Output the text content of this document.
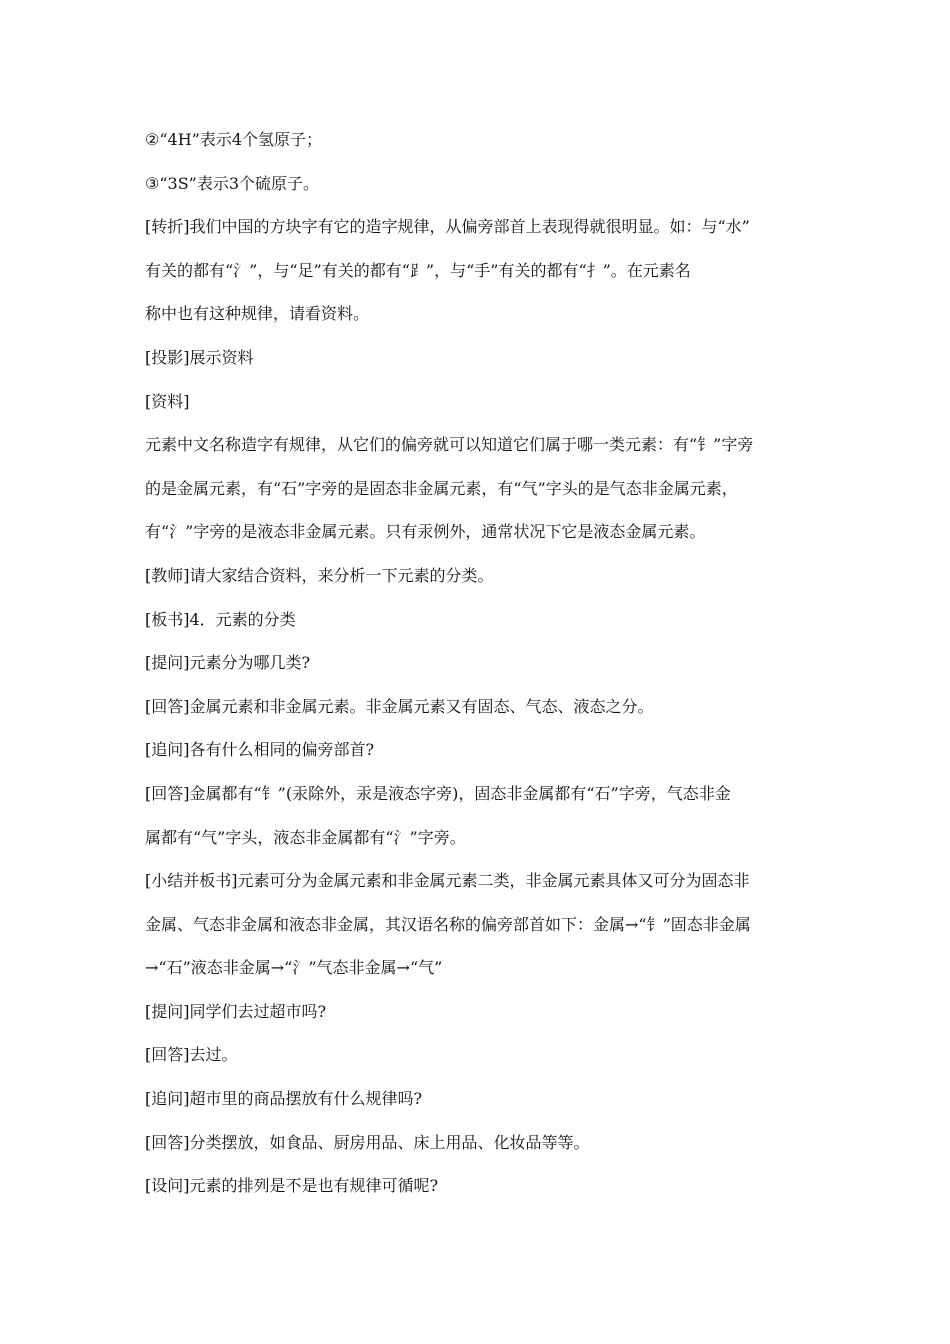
②“4H”表示4个氢原子；
③“3S”表示3个硫原子。
[转折]我们中国的方块字有它的造字规律，从偏旁部首上表现得就很明显。如：与“水”
有关的都有“氵”，与“足”有关的都有“⻊”，与“手”有关的都有“扌”。在元素名
称中也有这种规律，请看资料。
[投影]展示资料
[资料]
元素中文名称造字有规律，从它们的偏旁就可以知道它们属于哪一类元素：有“钅”字旁
的是金属元素，有“石”字旁的是固态非金属元素，有“气”字头的是气态非金属元素，
有“氵”字旁的是液态非金属元素。只有汞例外，通常状况下它是液态金属元素。
[教师]请大家结合资料，来分析一下元素的分类。
[板书]4．元素的分类
[提问]元素分为哪几类?
[回答]金属元素和非金属元素。非金属元素又有固态、气态、液态之分。
[追问]各有什么相同的偏旁部首?
[回答]金属都有“钅”(汞除外，汞是液态字旁)，固态非金属都有“石”字旁，气态非金
属都有“气”字头，液态非金属都有“氵”字旁。
[小结并板书]元素可分为金属元素和非金属元素二类，非金属元素具体又可分为固态非
金属、气态非金属和液态非金属，其汉语名称的偏旁部首如下：金属→“钅”固态非金属
→“石”液态非金属→“氵”气态非金属→“气”
[提问]同学们去过超市吗?
[回答]去过。
[追问]超市里的商品摆放有什么规律吗?
[回答]分类摆放，如食品、厨房用品、床上用品、化妆品等等。
[设问]元素的排列是不是也有规律可循呢?
